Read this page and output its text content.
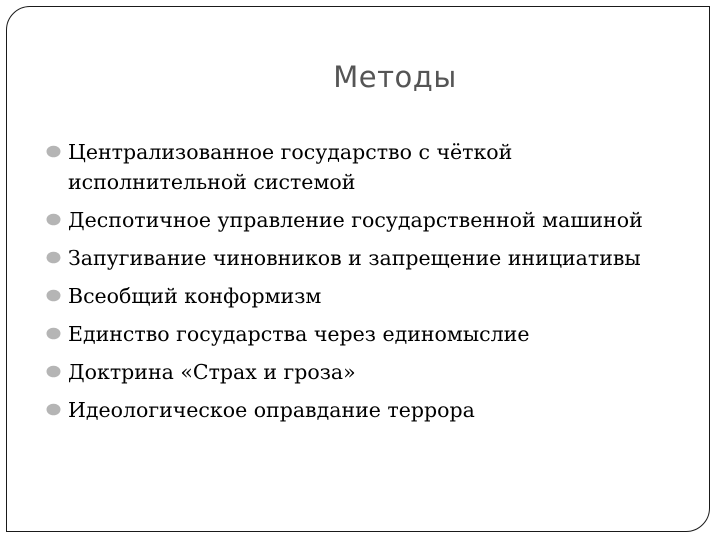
Методы
Централизованное государство с чёткой исполнительной системой
Деспотичное управление государственной машиной
Запугивание чиновников и запрещение инициативы
Всеобщий конформизм
Единство государства через единомыслие
Доктрина «Страх и гроза»
Идеологическое оправдание террора
